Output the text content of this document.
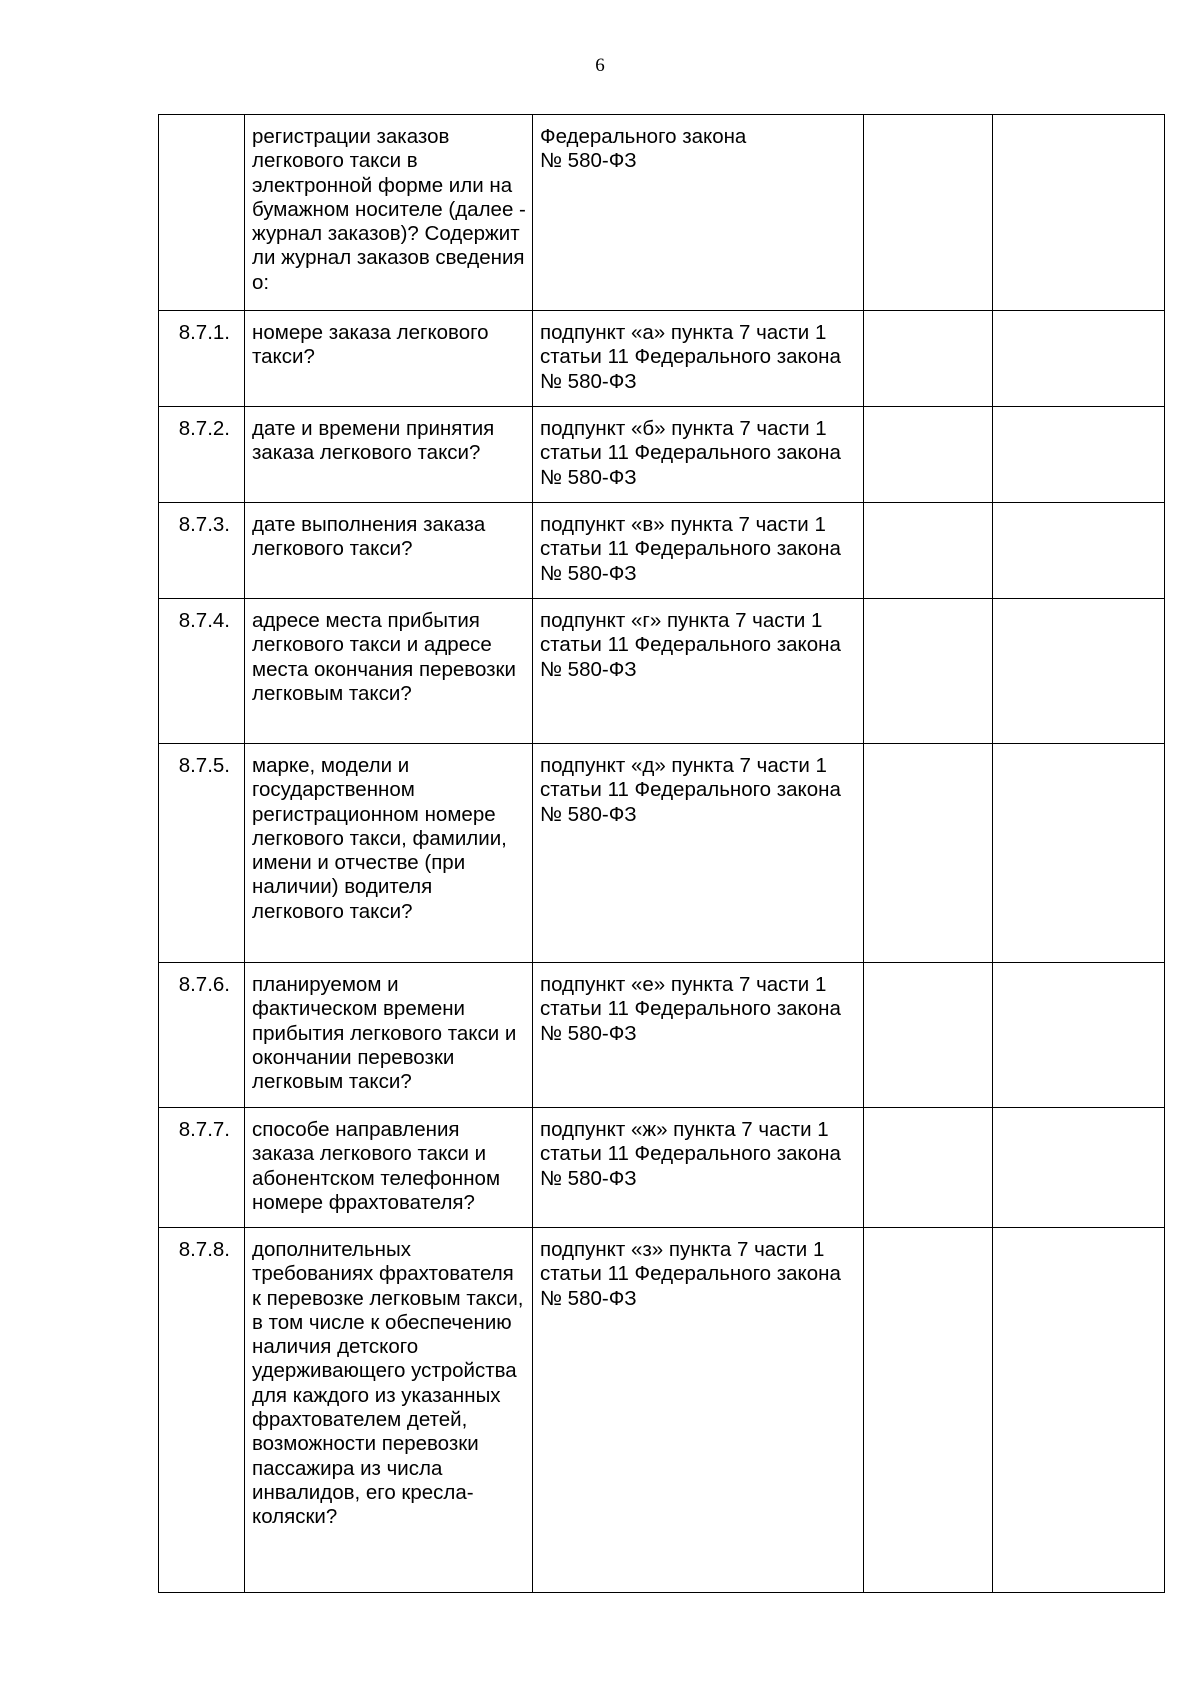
6
	регистрации заказов легкового такси в электронной форме или на бумажном носителе (далее - журнал заказов)? Содержит ли журнал заказов сведения о:	Федерального закона
№ 580-ФЗ		
8.7.1.	номере заказа легкового такси?	подпункт «а» пункта 7 части 1 статьи 11 Федерального закона № 580-ФЗ		
8.7.2.	дате и времени принятия заказа легкового такси?	подпункт «б» пункта 7 части 1 статьи 11 Федерального закона № 580-ФЗ		
8.7.3.	дате выполнения заказа легкового такси?	подпункт «в» пункта 7 части 1 статьи 11 Федерального закона № 580-ФЗ		
8.7.4.	адресе места прибытия легкового такси и адресе места окончания перевозки легковым такси?	подпункт «г» пункта 7 части 1 статьи 11 Федерального закона № 580-ФЗ		
8.7.5.	марке, модели и государственном регистрационном номере легкового такси, фамилии, имени и отчестве (при наличии) водителя легкового такси?	подпункт «д» пункта 7 части 1 статьи 11 Федерального закона № 580-ФЗ		
8.7.6.	планируемом и фактическом времени прибытия легкового такси и окончании перевозки легковым такси?	подпункт «е» пункта 7 части 1 статьи 11 Федерального закона № 580-ФЗ		
8.7.7.	способе направления заказа легкового такси и абонентском телефонном номере фрахтователя?	подпункт «ж» пункта 7 части 1 статьи 11 Федерального закона № 580-ФЗ		
8.7.8.	дополнительных требованиях фрахтователя к перевозке легковым такси, в том числе к обеспечению наличия детского удерживающего устройства для каждого из указанных фрахтователем детей, возможности перевозки пассажира из числа инвалидов, его кресла-коляски?	подпункт «з» пункта 7 части 1 статьи 11 Федерального закона № 580-ФЗ		
